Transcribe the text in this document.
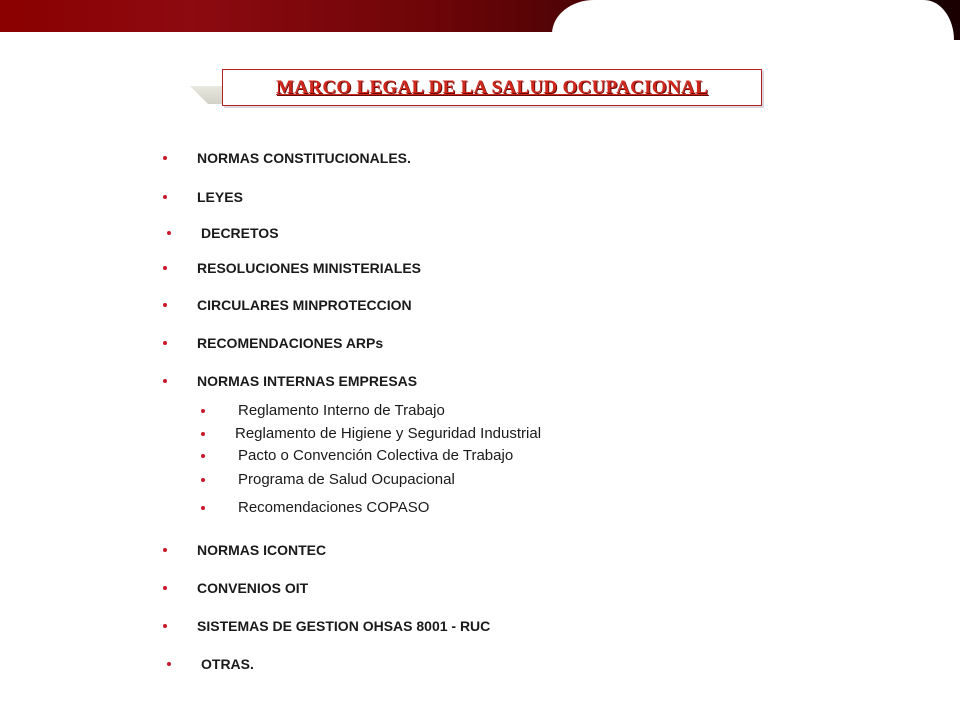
MARCO LEGAL DE LA SALUD OCUPACIONAL
NORMAS CONSTITUCIONALES.
LEYES
DECRETOS
RESOLUCIONES MINISTERIALES
CIRCULARES MINPROTECCION
RECOMENDACIONES ARPs
NORMAS INTERNAS EMPRESAS
Reglamento Interno de Trabajo
Reglamento de Higiene y Seguridad Industrial
Pacto o Convención Colectiva de Trabajo
Programa de Salud Ocupacional
Recomendaciones COPASO
NORMAS ICONTEC
CONVENIOS OIT
SISTEMAS DE GESTION OHSAS 8001 - RUC
OTRAS.
